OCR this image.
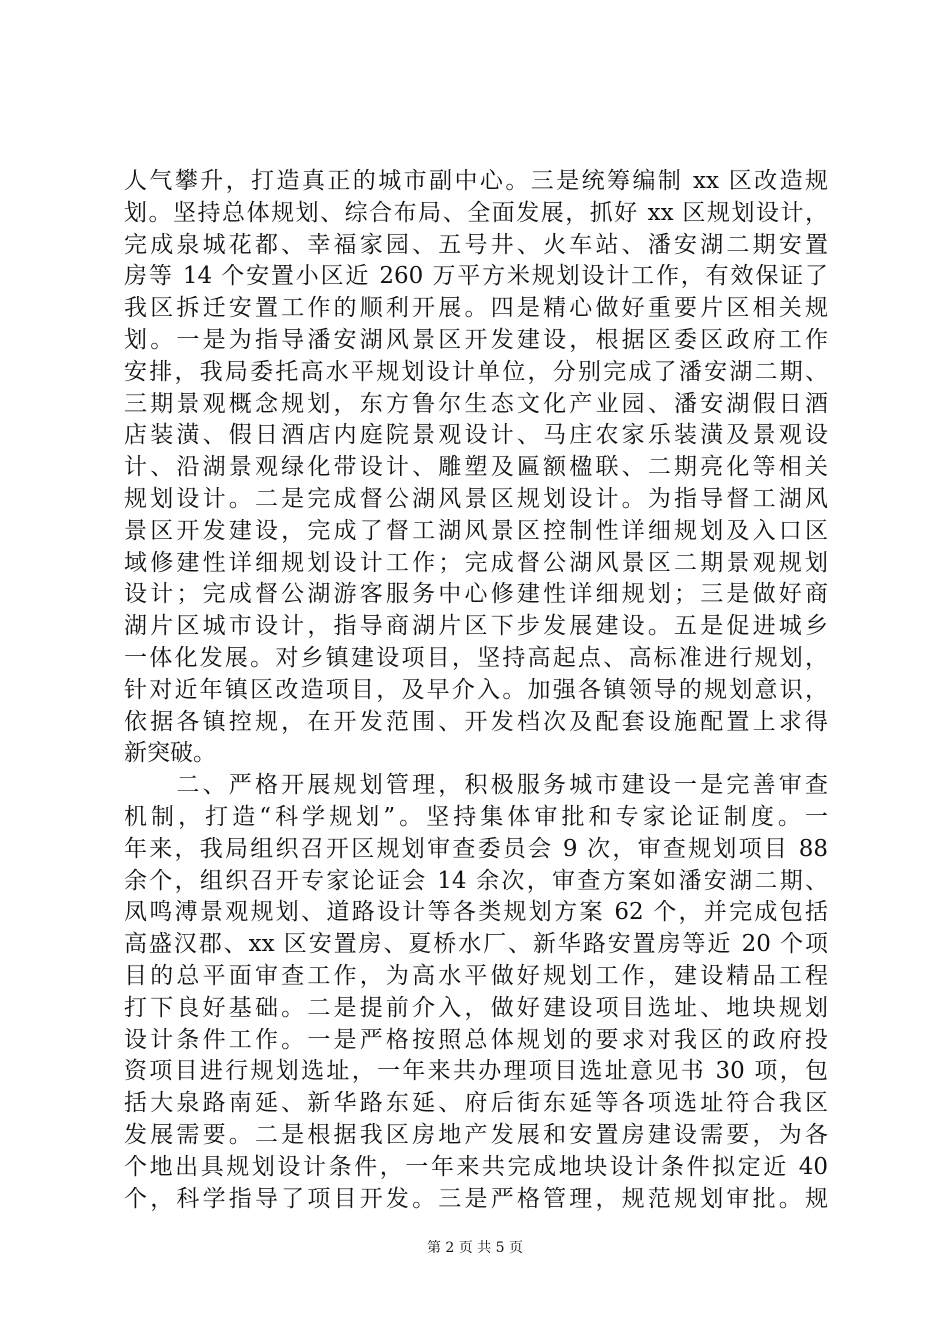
人气攀升，打造真正的城市副中心。三是统筹编制 xx 区改造规
划。坚持总体规划、综合布局、全面发展，抓好 xx 区规划设计，
完成泉城花都、幸福家园、五号井、火车站、潘安湖二期安置
房等 14 个安置小区近 260 万平方米规划设计工作，有效保证了
我区拆迁安置工作的顺利开展。四是精心做好重要片区相关规
划。一是为指导潘安湖风景区开发建设，根据区委区政府工作
安排，我局委托高水平规划设计单位，分别完成了潘安湖二期、
三期景观概念规划，东方鲁尔生态文化产业园、潘安湖假日酒
店装潢、假日酒店内庭院景观设计、马庄农家乐装潢及景观设
计、沿湖景观绿化带设计、雕塑及匾额楹联、二期亮化等相关
规划设计。二是完成督公湖风景区规划设计。为指导督工湖风
景区开发建设，完成了督工湖风景区控制性详细规划及入口区
域修建性详细规划设计工作；完成督公湖风景区二期景观规划
设计；完成督公湖游客服务中心修建性详细规划；三是做好商
湖片区城市设计，指导商湖片区下步发展建设。五是促进城乡
一体化发展。对乡镇建设项目，坚持高起点、高标准进行规划，
针对近年镇区改造项目，及早介入。加强各镇领导的规划意识，
依据各镇控规，在开发范围、开发档次及配套设施配置上求得
新突破。
　　二、严格开展规划管理，积极服务城市建设一是完善审查
机制，打造“科学规划”。坚持集体审批和专家论证制度。一
年来，我局组织召开区规划审查委员会 9 次，审查规划项目 88
余个，组织召开专家论证会 14 余次，审查方案如潘安湖二期、
凤鸣溥景观规划、道路设计等各类规划方案 62 个，并完成包括
高盛汉郡、xx 区安置房、夏桥水厂、新华路安置房等近 20 个项
目的总平面审查工作，为高水平做好规划工作，建设精品工程
打下良好基础。二是提前介入，做好建设项目选址、地块规划
设计条件工作。一是严格按照总体规划的要求对我区的政府投
资项目进行规划选址，一年来共办理项目选址意见书 30 项，包
括大泉路南延、新华路东延、府后街东延等各项选址符合我区
发展需要。二是根据我区房地产发展和安置房建设需要，为各
个地出具规划设计条件，一年来共完成地块设计条件拟定近 40
个，科学指导了项目开发。三是严格管理，规范规划审批。规
第 2 页 共 5 页
